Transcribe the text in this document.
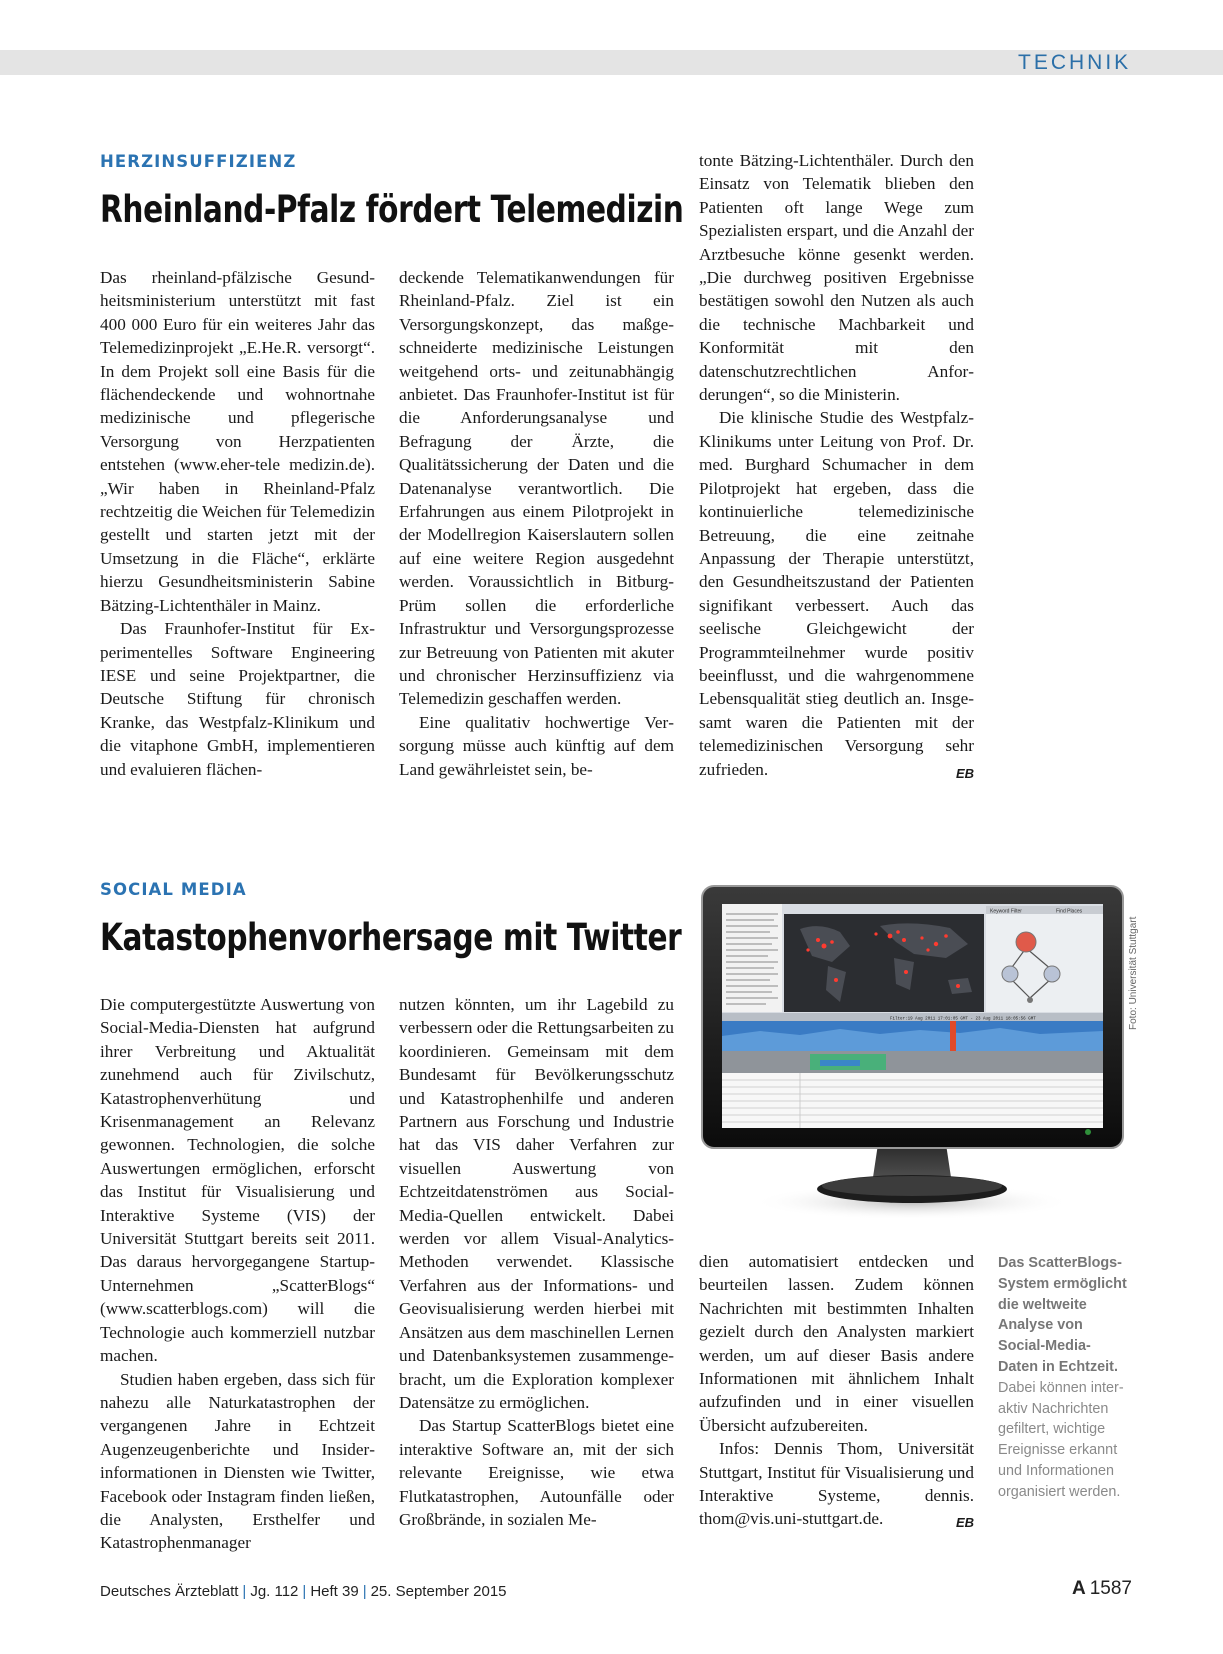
TECHNIK
HERZINSUFFIZIENZ
Rheinland-Pfalz fördert Telemedizin

Das rheinland-pfälzische Gesundheitsministerium unterstützt mit fast 400 000 Euro für ein weiteres Jahr das Telemedizinprojekt „E.He.R. versorgt“. In dem Projekt soll eine Basis für die flächendeckende und wohnortnahe medizinische und pflegerische Versorgung von Herzpatienten entstehen (www.eher-tele medizin.de). „Wir haben in Rheinland-Pfalz rechtzeitig die Weichen für Telemedizin gestellt und starten jetzt mit der Umsetzung in die Fläche“, erklärte hierzu Gesundheitsministerin Sabine Bätzing-Lichtenthäler in Mainz.

Das Fraunhofer-Institut für Experimentelles Software Engineering IESE und seine Projektpartner, die Deutsche Stiftung für chronisch Kranke, das Westpfalz-Klinikum und die vitaphone GmbH, implementieren und evaluieren flächen-

deckende Telematikanwendungen für Rheinland-Pfalz. Ziel ist ein Versorgungskonzept, das maßgeschneiderte medizinische Leistungen weitgehend orts- und zeitunabhängig anbietet. Das Fraunhofer-Institut ist für die Anforderungsanalyse und Befragung der Ärzte, die Qualitätssicherung der Daten und die Datenanalyse verantwortlich. Die Erfahrungen aus einem Pilotprojekt in der Modellregion Kaiserslautern sollen auf eine weitere Region ausgedehnt werden. Voraussichtlich in Bitburg-Prüm sollen die erforderliche Infrastruktur und Versorgungsprozesse zur Betreuung von Patienten mit akuter und chronischer Herzinsuffizienz via Telemedizin geschaffen werden.

Eine qualitativ hochwertige Versorgung müsse auch künftig auf dem Land gewährleistet sein, be-

tonte Bätzing-Lichtenthäler. Durch den Einsatz von Telematik blieben den Patienten oft lange Wege zum Spezialisten erspart, und die Anzahl der Arztbesuche könne gesenkt werden. „Die durchweg positiven Ergebnisse bestätigen sowohl den Nutzen als auch die technische Machbarkeit und Konformität mit den datenschutzrechtlichen Anforderungen“, so die Ministerin.

Die klinische Studie des Westpfalz-Klinikums unter Leitung von Prof. Dr. med. Burghard Schumacher in dem Pilotprojekt hat ergeben, dass die kontinuierliche telemedizinische Betreuung, die eine zeitnahe Anpassung der Therapie unterstützt, den Gesundheitszustand der Patienten signifikant verbessert. Auch das seelische Gleichgewicht der Programmteilnehmer wurde positiv beeinflusst, und die wahrgenommene Lebensqualität stieg deutlich an. Insgesamt waren die Patienten mit der telemedizinischen Versorgung sehr zufrieden.	EB

SOCIAL MEDIA
Katastophenvorhersage mit Twitter

Die computergestützte Auswertung von Social-Media-Diensten hat aufgrund ihrer Verbreitung und Aktualität zunehmend auch für Zivilschutz, Katastrophenverhütung und Krisenmanagement an Relevanz gewonnen. Technologien, die solche Auswertungen ermöglichen, erforscht das Institut für Visualisierung und Interaktive Systeme (VIS) der Universität Stuttgart bereits seit 2011. Das daraus hervorgegangene Startup-Unternehmen „ScatterBlogs“ (www.scatterblogs.com) will die Technologie auch kommerziell nutzbar machen.

Studien haben ergeben, dass sich für nahezu alle Naturkatastrophen der vergangenen Jahre in Echtzeit Augenzeugenberichte und Insiderinformationen in Diensten wie Twitter, Facebook oder Instagram finden ließen, die Analysten, Ersthelfer und Katastrophenmanager

nutzen könnten, um ihr Lagebild zu verbessern oder die Rettungsarbeiten zu koordinieren. Gemeinsam mit dem Bundesamt für Bevölkerungsschutz und Katastrophenhilfe und anderen Partnern aus Forschung und Industrie hat das VIS daher Verfahren zur visuellen Auswertung von Echtzeitdatenströmen aus Social-Media-Quellen entwickelt. Dabei werden vor allem Visual-Analytics-Methoden verwendet. Klassische Verfahren aus der Informations- und Geovisualisierung werden hierbei mit Ansätzen aus dem maschinellen Lernen und Datenbanksystemen zusammengebracht, um die Exploration komplexer Datensätze zu ermöglichen.

Das Startup ScatterBlogs bietet eine interaktive Software an, mit der sich relevante Ereignisse, wie etwa Flutkatastrophen, Autounfälle oder Großbrände, in sozialen Me-

dien automatisiert entdecken und beurteilen lassen. Zudem können Nachrichten mit bestimmten Inhalten gezielt durch den Analysten markiert werden, um auf dieser Basis andere Informationen mit ähnlichem Inhalt aufzufinden und in einer visuellen Übersicht aufzubereiten.

Infos: Dennis Thom, Universität Stuttgart, Institut für Visualisierung und Interaktive Systeme, dennis. thom@vis.uni-stuttgart.de.	EB

Keyword Filter	Find Places
Filter:19 Aug 2011 17:01:05 GMT - 23 Aug 2011 18:05:56 GMT	Foto: Universität Stuttgart
Das ScatterBlogs-System ermöglicht die weltweite Analyse von Social-Media-Daten in Echtzeit. Dabei können interaktiv Nachrichten gefiltert, wichtige Ereignisse erkannt und Informationen organisiert werden.
Deutsches Ärzteblatt | Jg. 112 | Heft 39 | 25. September 2015	A 1587
